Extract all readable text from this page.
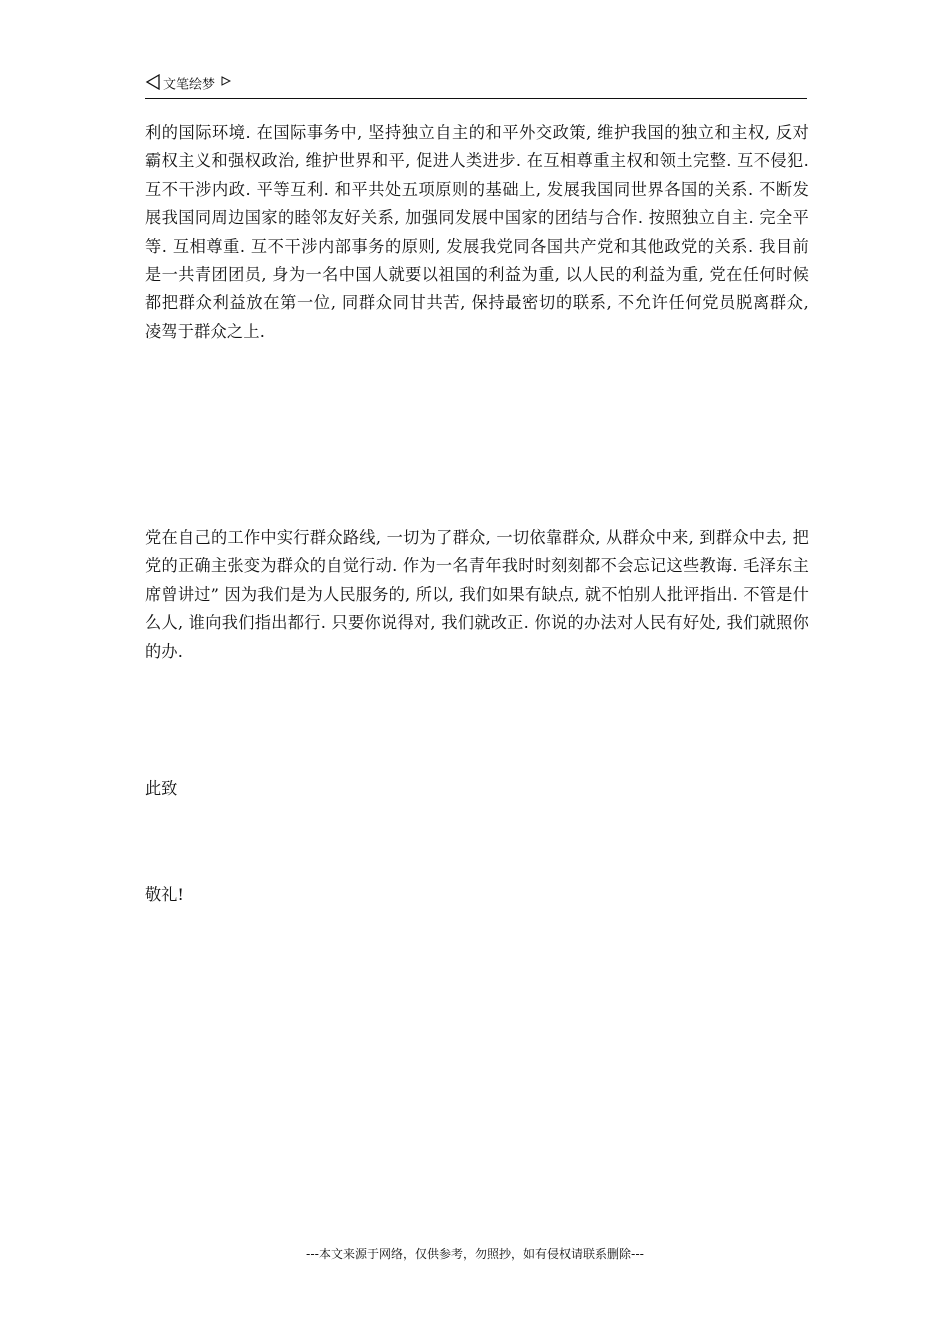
文笔绘梦
利的国际环境. 在国际事务中, 坚持独立自主的和平外交政策, 维护我国的独立和主权, 反对霸权主义和强权政治, 维护世界和平, 促进人类进步. 在互相尊重主权和领土完整. 互不侵犯. 互不干涉内政. 平等互利. 和平共处五项原则的基础上, 发展我国同世界各国的关系. 不断发展我国同周边国家的睦邻友好关系, 加强同发展中国家的团结与合作. 按照独立自主. 完全平等. 互相尊重. 互不干涉内部事务的原则, 发展我党同各国共产党和其他政党的关系. 我目前是一共青团团员, 身为一名中国人就要以祖国的利益为重, 以人民的利益为重, 党在任何时候都把群众利益放在第一位, 同群众同甘共苦, 保持最密切的联系, 不允许任何党员脱离群众, 凌驾于群众之上.
党在自己的工作中实行群众路线, 一切为了群众, 一切依靠群众, 从群众中来, 到群众中去, 把党的正确主张变为群众的自觉行动. 作为一名青年我时时刻刻都不会忘记这些教诲. 毛泽东主席曾讲过” 因为我们是为人民服务的, 所以, 我们如果有缺点, 就不怕别人批评指出. 不管是什么人, 谁向我们指出都行. 只要你说得对, 我们就改正. 你说的办法对人民有好处, 我们就照你的办.
此致
敬礼!
---本文来源于网络，仅供参考，勿照抄，如有侵权请联系删除---
